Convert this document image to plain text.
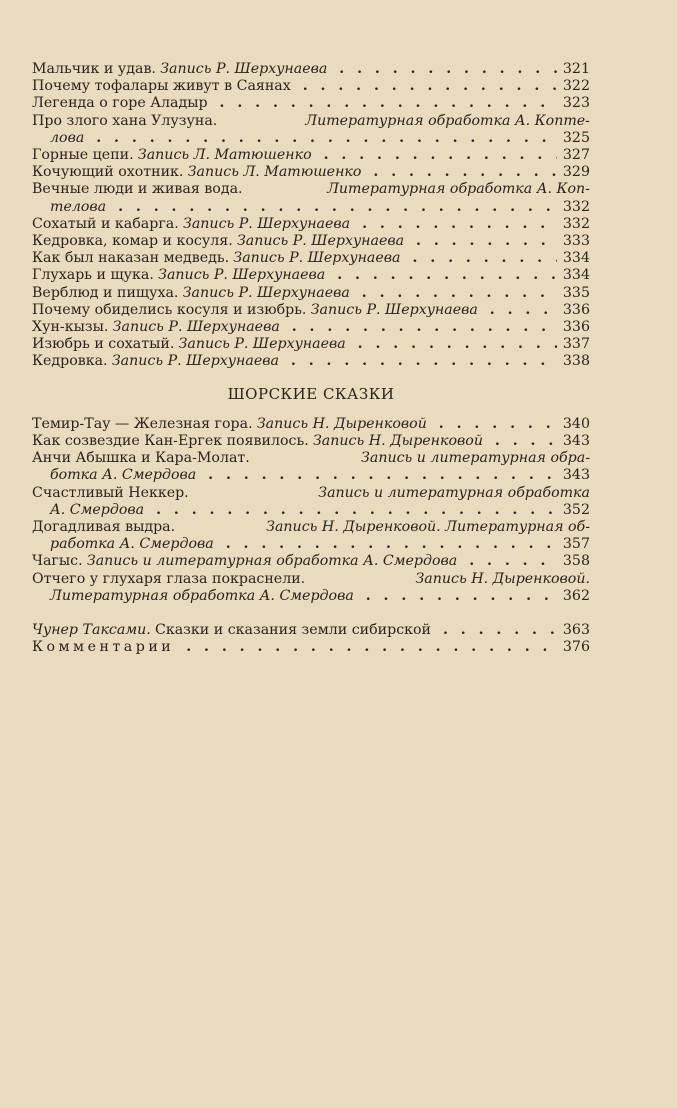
Мальчик и удав. Запись Р. Шерхунаева . .	321
Почему тофалары живут в Саянах . .	322
Легенда о горе Аладыр . .	323
Про злого хана Улузуна.	Литературная обработка А. Копте-
лова . .	325
Горные цепи. Запись Л. Матюшенко . .	327
Кочующий охотник. Запись Л. Матюшенко . .	329
Вечные люди и живая вода.	Литературная обработка А. Коп-
телова . .	332
Сохатый и кабарга. Запись Р. Шерхунаева . .	332
Кедровка, комар и косуля. Запись Р. Шерхунаева . .	333
Как был наказан медведь. Запись Р. Шерхунаева . .	334
Глухарь и щука. Запись Р. Шерхунаева . .	334
Верблюд и пищуха. Запись Р. Шерхунаева . .	335
Почему обиделись косуля и изюбрь. Запись Р. Шерхунаева . .	336
Хун-кызы. Запись Р. Шерхунаева . .	336
Изюбрь и сохатый. Запись Р. Шерхунаева . .	337
Кедровка. Запись Р. Шерхунаева . .	338
ШОРСКИЕ СКАЗКИ
Темир-Тау — Железная гора. Запись Н. Дыренковой . .	340
Как созвездие Кан-Ергек появилось. Запись Н. Дыренковой . .	343
Анчи Абышка и Кара-Молат.	Запись и литературная обра-
ботка А. Смердова . .	343
Счастливый Неккер.	Запись и литературная обработка
А. Смердова . .	352
Догадливая выдра.	Запись Н. Дыренковой. Литературная об-
работка А. Смердова . .	357
Чагыс. Запись и литературная обработка А. Смердова . .	358
Отчего у глухаря глаза покраснели.	Запись Н. Дыренковой.
Литературная обработка А. Смердова . .	362
Чунер Таксами. Сказки и сказания земли сибирской . .	363
Комментарии . .	376
